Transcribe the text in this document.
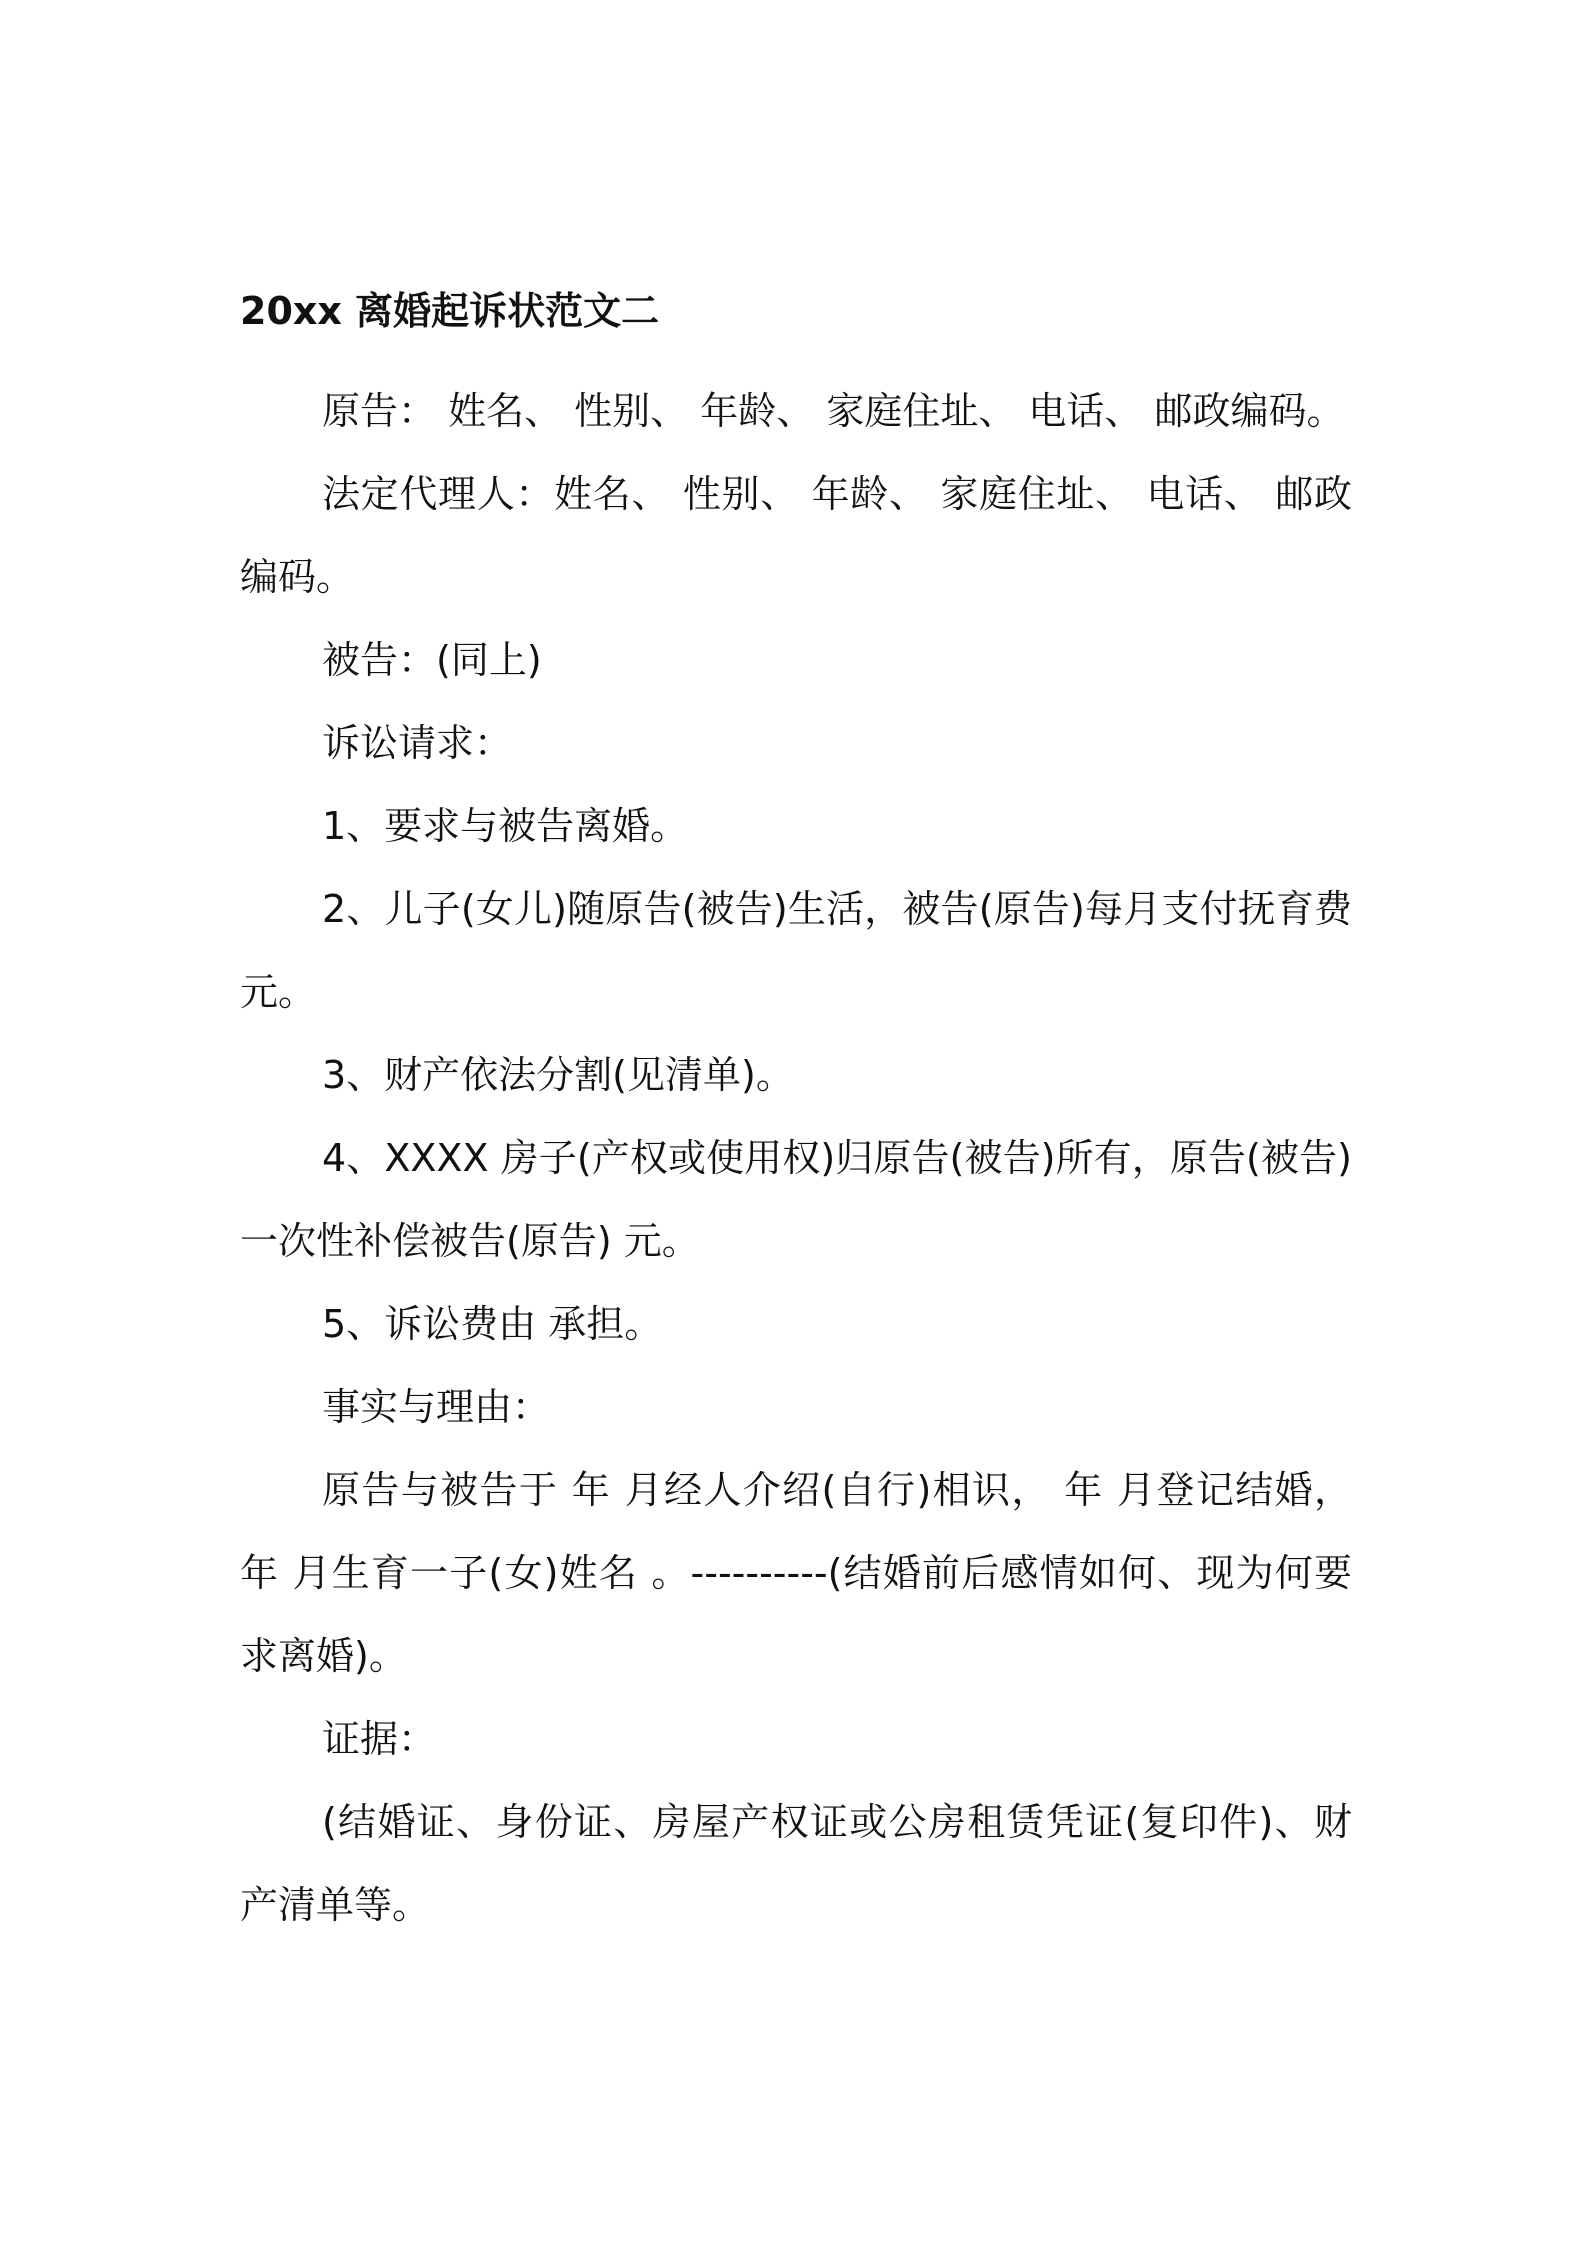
20xx 离婚起诉状范文二

原告： 姓名、 性别、 年龄、 家庭住址、 电话、 邮政编码。

法定代理人：姓名、 性别、 年龄、 家庭住址、 电话、 邮政编码。

被告：(同上)

诉讼请求：

1、要求与被告离婚。

2、儿子(女儿)随原告(被告)生活，被告(原告)每月支付抚育费 元。

3、财产依法分割(见清单)。

4、XXXX 房子(产权或使用权)归原告(被告)所有，原告(被告)一次性补偿被告(原告) 元。

5、诉讼费由 承担。

事实与理由：

原告与被告于 年 月经人介绍(自行)相识， 年 月登记结婚， 年 月生育一子(女)姓名 。----------(结婚前后感情如何、现为何要求离婚)。

证据：

(结婚证、身份证、房屋产权证或公房租赁凭证(复印件)、财产清单等。
